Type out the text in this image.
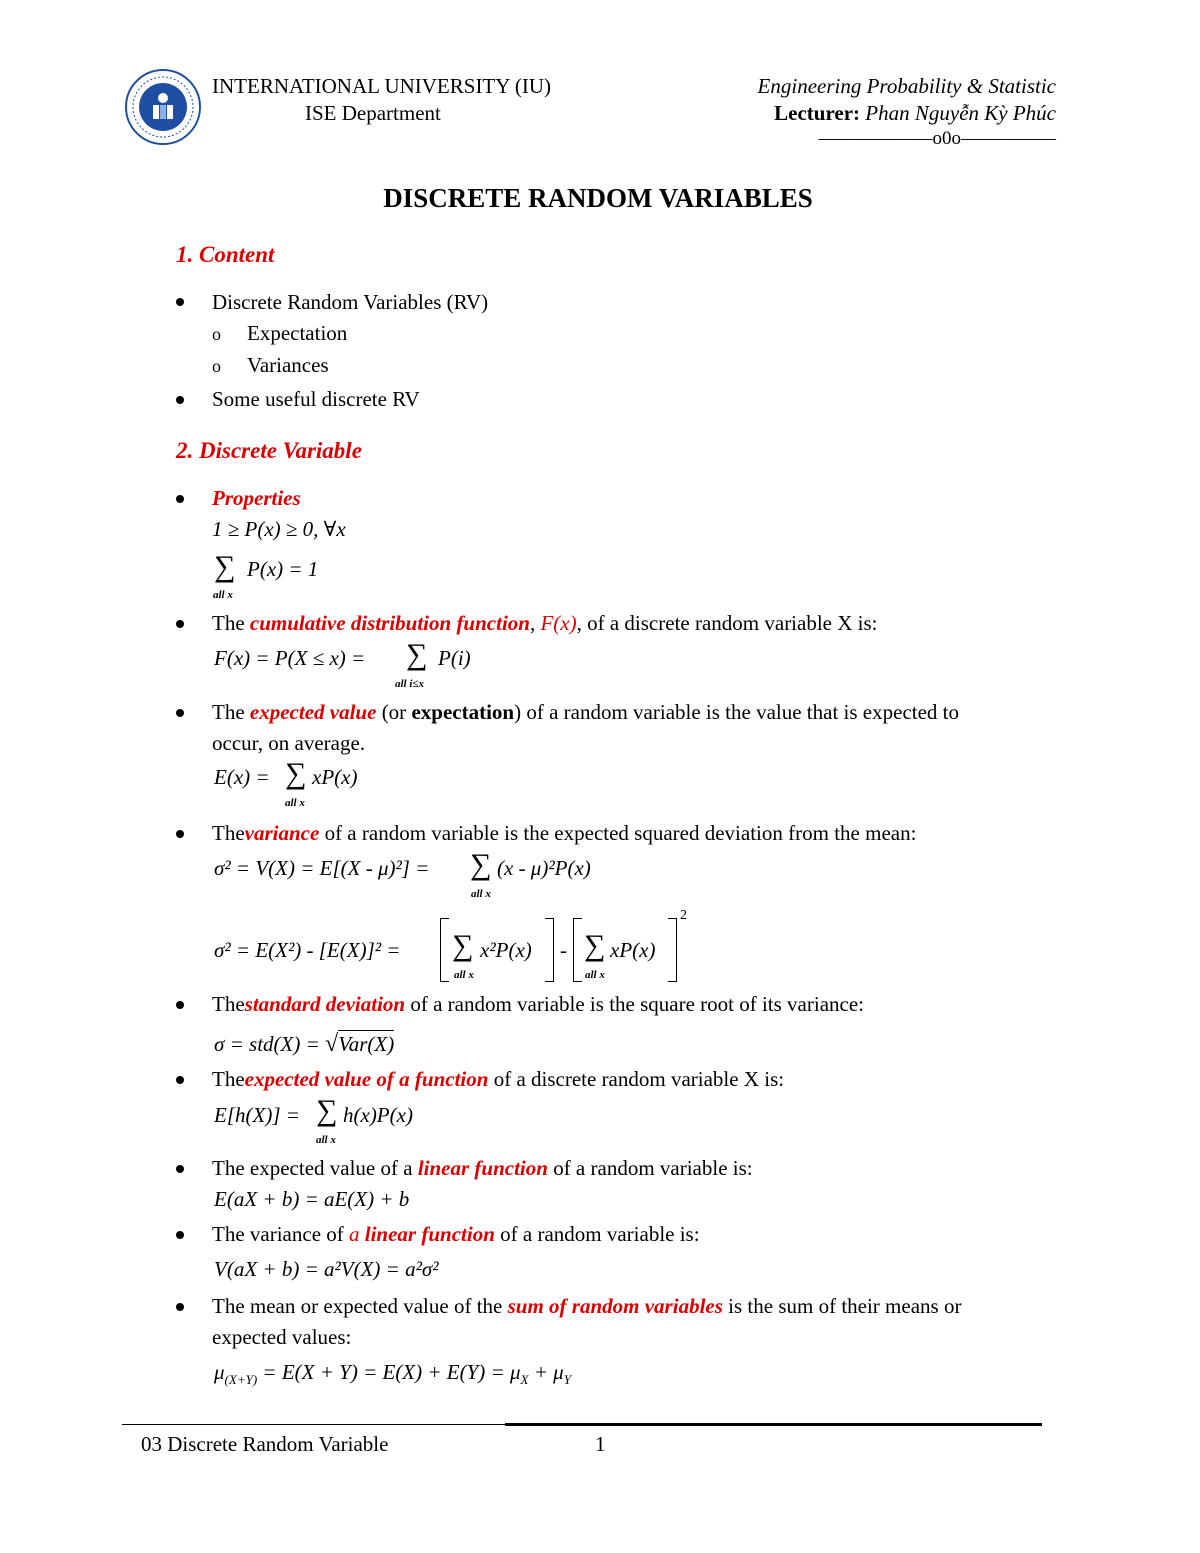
INTERNATIONAL UNIVERSITY (IU)
ISE Department
Engineering Probability & Statistic
Lecturer: Phan Nguyễn Kỳ Phúc
––––––––––––o0o––––––––––
DISCRETE RANDOM VARIABLES
1. Content
Discrete Random Variables (RV)
o Expectation
o Variances
Some useful discrete RV
2. Discrete Variable
Properties
1 ≥ P(x) ≥ 0, ∀x
∑ P(x) = 1
all x
The cumulative distribution function, F(x), of a discrete random variable X is:
F(x) = P(X ≤ x) = ∑ P(i)
all i≤x
The expected value (or expectation) of a random variable is the value that is expected to
occur, on average.
E(x) = ∑ xP(x)
all x
Thevariance of a random variable is the expected squared deviation from the mean:
σ² = V(X) = E[(X - μ)²] = ∑ (x - μ)²P(x)
all x
σ² = E(X²) - [E(X)]² = ∑ x²P(x)
all x
- ∑ xP(x)
all x
2
Thestandard deviation of a random variable is the square root of its variance:
σ = std(X) = √Var(X)
Theexpected value of a function of a discrete random variable X is:
E[h(X)] = ∑ h(x)P(x)
all x
The expected value of a linear function of a random variable is:
E(aX + b) = aE(X) + b
The variance of a linear function of a random variable is:
V(aX + b) = a²V(X) = a²σ²
The mean or expected value of the sum of random variables is the sum of their means or
expected values:
$\mu_{(X+Y)} = E(X + Y) = E(X) + E(Y) = \mu_X + \mu_Y$
03 Discrete Random Variable	1
